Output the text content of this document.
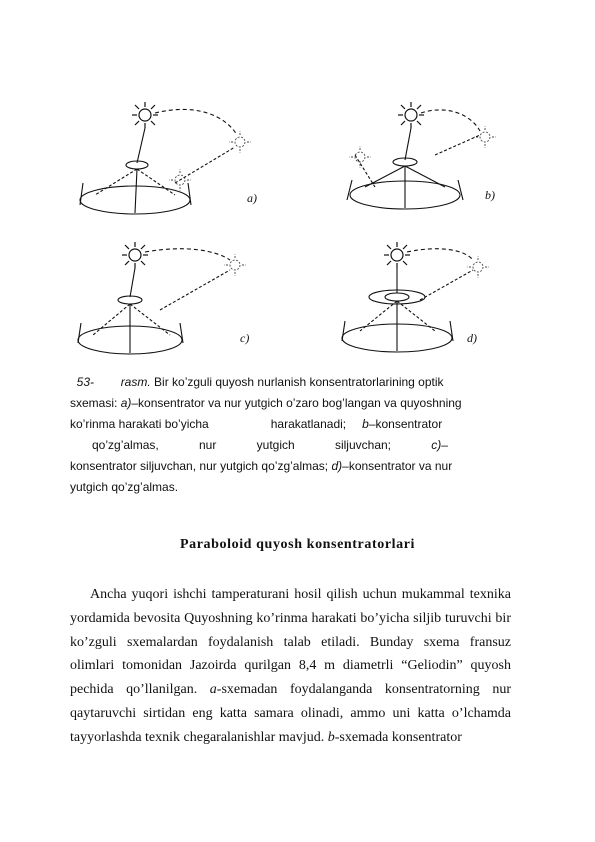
a)	b)
c)	d)
53- rasm. Bir ko’zguli quyosh nurlanish konsentratorlarining optik
sxemasi: a)–konsentrator va nur yutgich o’zaro bog’langan va quyoshning
ko’rinma harakati bo’yicha	harakatlanadi; b–konsentrator
qo’zg’almas,	nur	yutgich	siljuvchan;	c)–
konsentrator siljuvchan, nur yutgich qo’zg’almas; d)–konsentrator va nur
yutgich qo’zg’almas.
Paraboloid quyosh konsentratorlari

Ancha yuqori ishchi tamperaturani hosil qilish uchun mukammal texnika yordamida bevosita Quyoshning ko’rinma harakati bo’yicha siljib turuvchi bir ko’zguli sxemalardan foydalanish talab etiladi. Bunday sxema fransuz olimlari tomonidan Jazoirda qurilgan 8,4 m diametrli “Geliodin” quyosh pechida qo’llanilgan. a-sxemadan foydalanganda konsentratorning nur qaytaruvchi sirtidan eng katta samara olinadi, ammo uni katta o’lchamda tayyorlashda texnik chegaralanishlar mavjud. b-sxemada konsentrator
